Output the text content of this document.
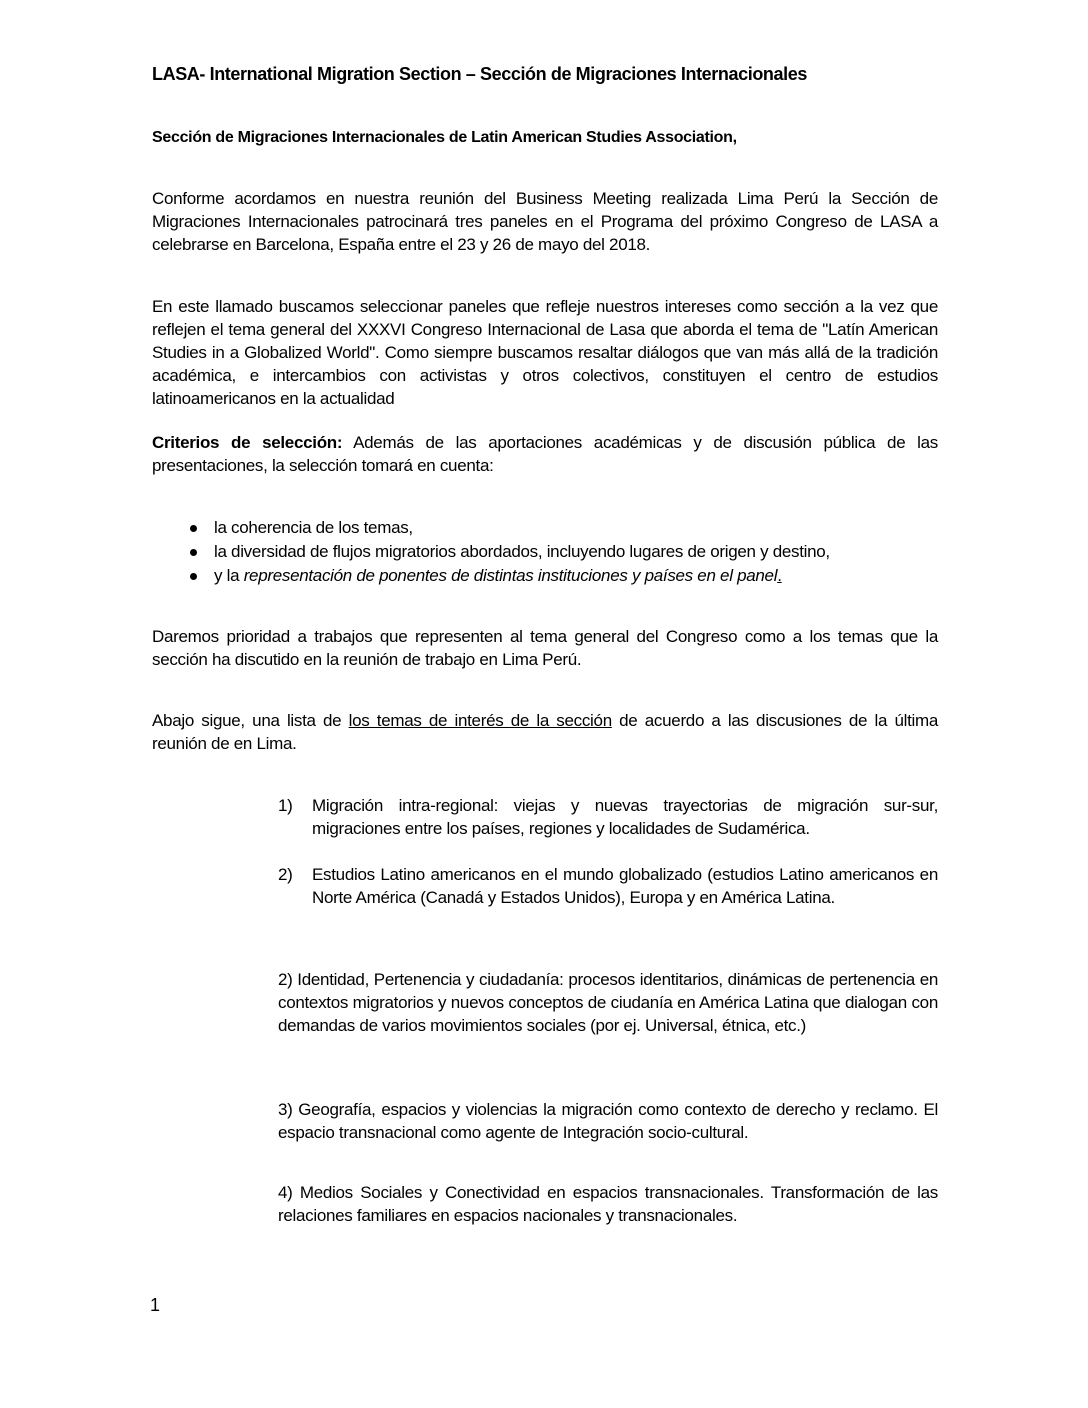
LASA- International Migration Section – Sección de Migraciones Internacionales
Sección de Migraciones Internacionales de Latin American Studies Association,
Conforme acordamos en nuestra reunión del Business Meeting realizada Lima Perú la Sección de Migraciones Internacionales patrocinará tres paneles en el Programa del próximo Congreso de LASA a celebrarse en Barcelona, España entre el 23 y 26 de mayo del 2018.
En este llamado buscamos seleccionar paneles que refleje nuestros intereses como sección a la vez que reflejen el tema general del XXXVI Congreso Internacional de Lasa que aborda el tema de "Latín American Studies in a Globalized World". Como siempre buscamos resaltar diálogos que van más allá de la tradición académica, e intercambios con activistas y otros colectivos, constituyen el centro de estudios latinoamericanos en la actualidad
Criterios de selección: Además de las aportaciones académicas y de discusión pública de las presentaciones, la selección tomará en cuenta:
la coherencia de los temas,
la diversidad de flujos migratorios abordados, incluyendo lugares de origen y destino,
y la representación de ponentes de distintas instituciones y países en el panel.
Daremos prioridad a trabajos que representen al tema general del Congreso como a los temas que la sección ha discutido en la reunión de trabajo en Lima Perú.
Abajo sigue, una lista de los temas de interés de la sección de acuerdo a las discusiones de la última reunión de en Lima.
1) Migración intra-regional: viejas y nuevas trayectorias de migración sur-sur, migraciones entre los países, regiones y localidades de Sudamérica.
2) Estudios Latino americanos en el mundo globalizado (estudios Latino americanos en Norte América (Canadá y Estados Unidos), Europa y en América Latina.
2) Identidad, Pertenencia y ciudadanía: procesos identitarios, dinámicas de pertenencia en contextos migratorios y nuevos conceptos de ciudanía en América Latina que dialogan con demandas de varios movimientos sociales (por ej. Universal, étnica, etc.)
3) Geografía, espacios y violencias la migración como contexto de derecho y reclamo. El espacio transnacional como agente de Integración socio-cultural.
4) Medios Sociales y Conectividad en espacios transnacionales. Transformación de las relaciones familiares en espacios nacionales y transnacionales.
1
